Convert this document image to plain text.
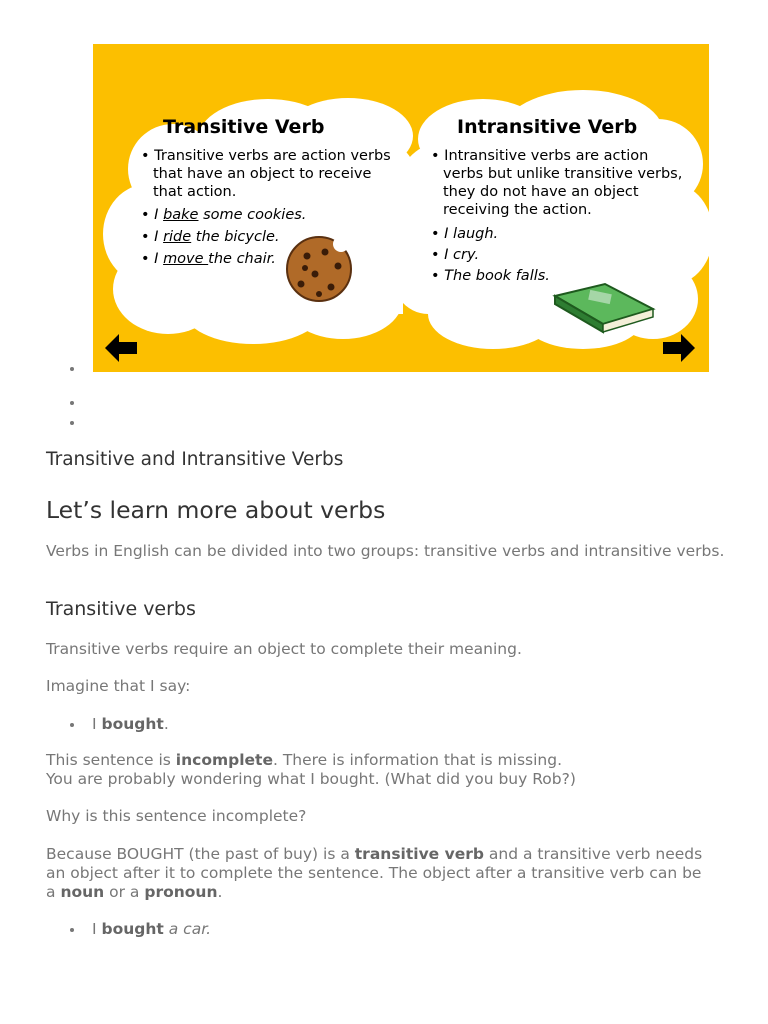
Transitive Verb
• Transitive verbs are action verbs
that have an object to receive
that action.
• I bake some cookies.
• I ride the bicycle.
• I move the chair.
Intransitive Verb
• Intransitive verbs are action
verbs but unlike transitive verbs,
they do not have an object
receiving the action.
• I laugh.
• I cry.
• The book falls.
Transitive and Intransitive Verbs
Let’s learn more about verbs

Verbs in English can be divided into two groups: transitive verbs and intransitive verbs.

Transitive verbs

Transitive verbs require an object to complete their meaning.

Imagine that I say:

I bought.

This sentence is incomplete. There is information that is missing.
You are probably wondering what I bought. (What did you buy Rob?)

Why is this sentence incomplete?

Because BOUGHT (the past of buy) is a transitive verb and a transitive verb needs an object after it to complete the sentence. The object after a transitive verb can be a noun or a pronoun.

I bought a car.
